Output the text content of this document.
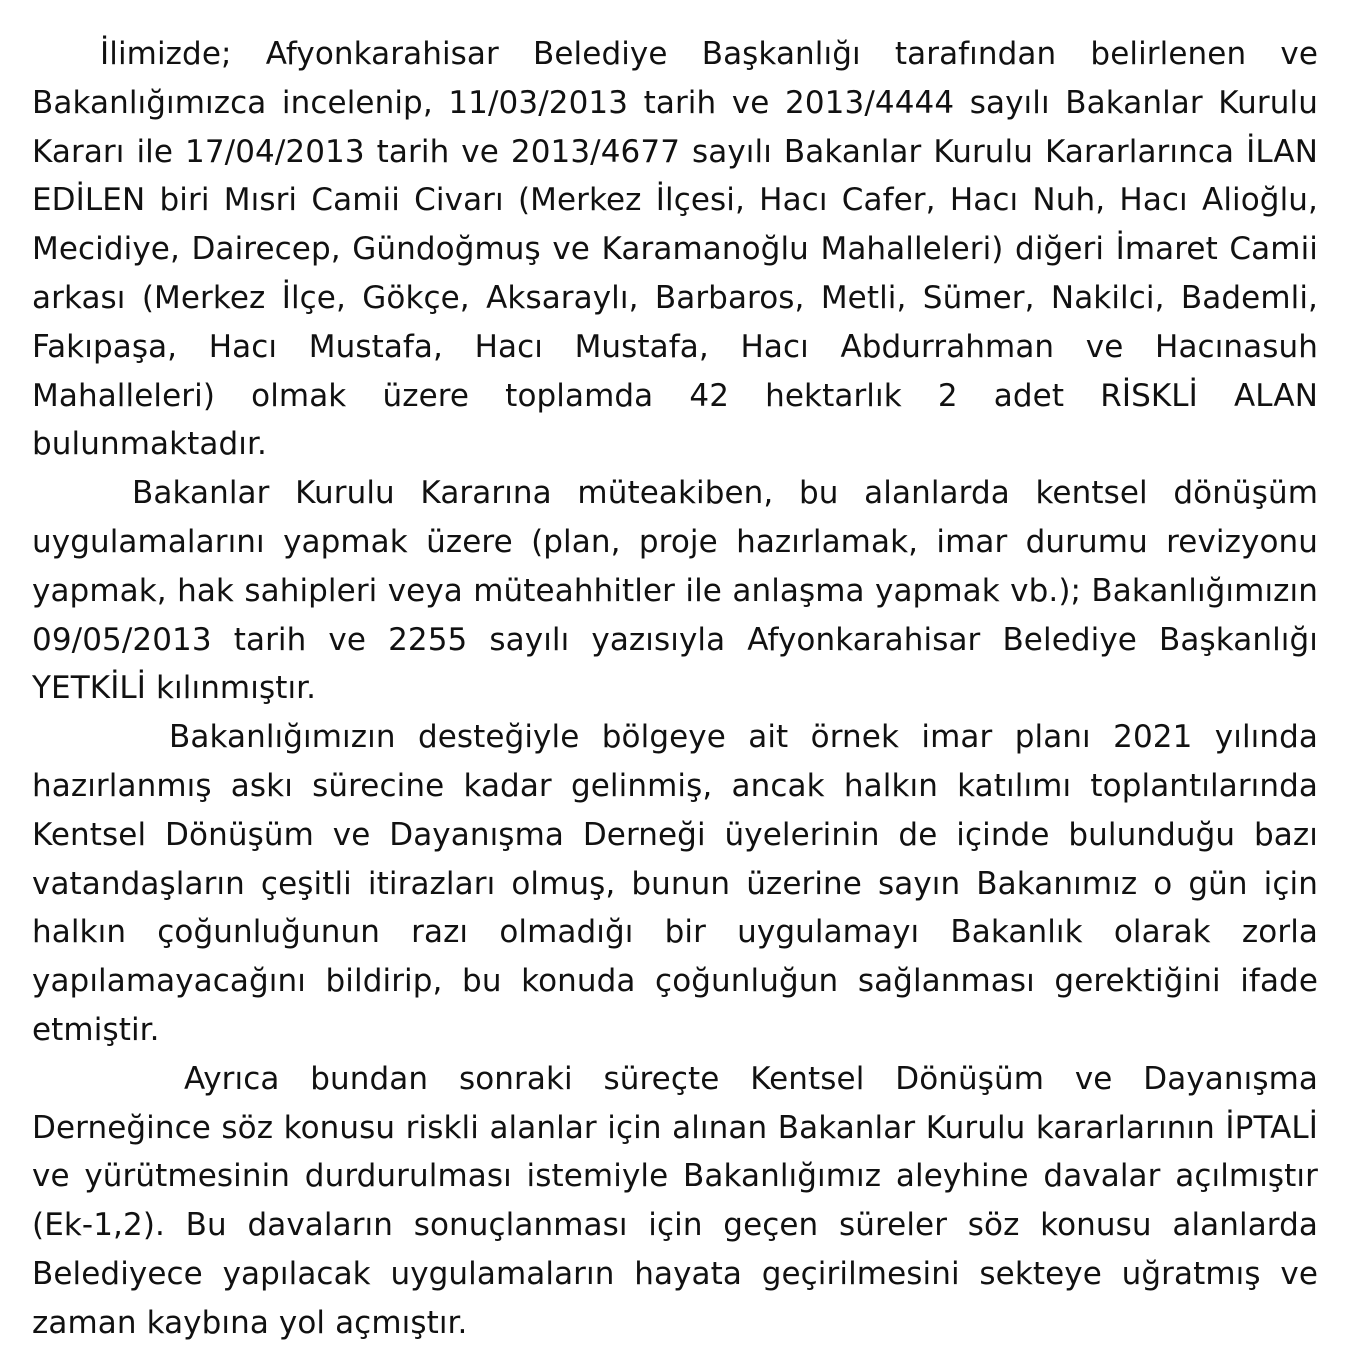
İlimizde; Afyonkarahisar Belediye Başkanlığı tarafından belirlenen ve Bakanlığımızca incelenip, 11/03/2013 tarih ve 2013/4444 sayılı Bakanlar Kurulu Kararı ile 17/04/2013 tarih ve 2013/4677 sayılı Bakanlar Kurulu Kararlarınca İLAN EDİLEN biri Mısri Camii Civarı (Merkez İlçesi, Hacı Cafer, Hacı Nuh, Hacı Alioğlu, Mecidiye, Dairecep, Gündoğmuş ve Karamanoğlu Mahalleleri) diğeri İmaret Camii arkası (Merkez İlçe, Gökçe, Aksaraylı, Barbaros, Metli, Sümer, Nakilci, Bademli, Fakıpaşa, Hacı Mustafa, Hacı Mustafa, Hacı Abdurrahman ve Hacınasuh Mahalleleri) olmak üzere toplamda 42 hektarlık 2 adet RİSKLİ ALAN bulunmaktadır.

Bakanlar Kurulu Kararına müteakiben, bu alanlarda kentsel dönüşüm uygulamalarını yapmak üzere (plan, proje hazırlamak, imar durumu revizyonu yapmak, hak sahipleri veya müteahhitler ile anlaşma yapmak vb.); Bakanlığımızın 09/05/2013 tarih ve 2255 sayılı yazısıyla Afyonkarahisar Belediye Başkanlığı YETKİLİ kılınmıştır.

Bakanlığımızın desteğiyle bölgeye ait örnek imar planı 2021 yılında hazırlanmış askı sürecine kadar gelinmiş, ancak halkın katılımı toplantılarında Kentsel Dönüşüm ve Dayanışma Derneği üyelerinin de içinde bulunduğu bazı vatandaşların çeşitli itirazları olmuş, bunun üzerine sayın Bakanımız o gün için halkın çoğunluğunun razı olmadığı bir uygulamayı Bakanlık olarak zorla yapılamayacağını bildirip, bu konuda çoğunluğun sağlanması gerektiğini ifade etmiştir.

Ayrıca bundan sonraki süreçte Kentsel Dönüşüm ve Dayanışma Derneğince söz konusu riskli alanlar için alınan Bakanlar Kurulu kararlarının İPTALİ ve yürütmesinin durdurulması istemiyle Bakanlığımız aleyhine davalar açılmıştır (Ek-1,2). Bu davaların sonuçlanması için geçen süreler söz konusu alanlarda Belediyece yapılacak uygulamaların hayata geçirilmesini sekteye uğratmış ve zaman kaybına yol açmıştır.
